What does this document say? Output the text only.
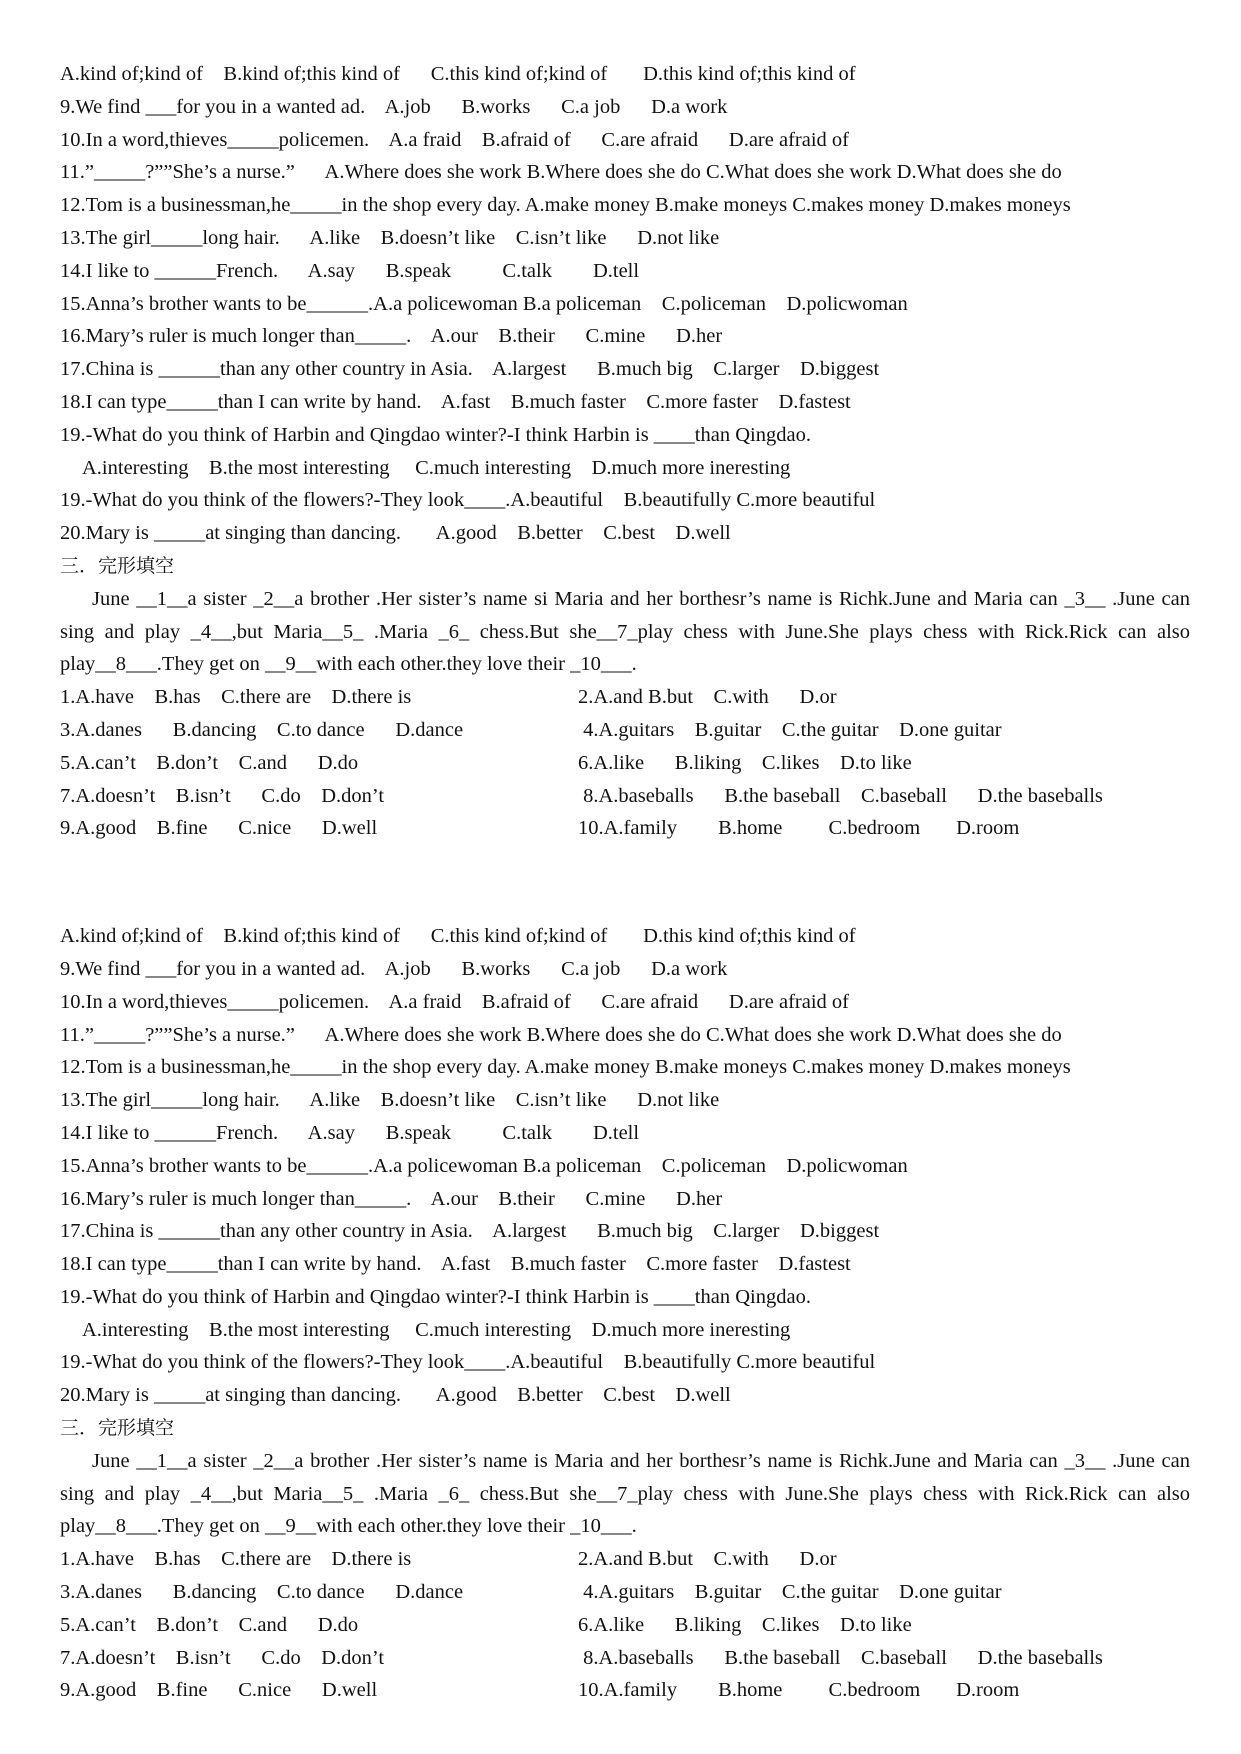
A.kind of;kind of    B.kind of;this kind of      C.this kind of;kind of       D.this kind of;this kind of
9.We find ___for you in a wanted ad.    A.job      B.works      C.a job      D.a work
10.In a word,thieves_____policemen.    A.a fraid    B.afraid of      C.are afraid      D.are afraid of
11.”_____?””She’s a nurse.”      A.Where does she work B.Where does she do C.What does she work D.What does she do
12.Tom is a businessman,he_____in the shop every day. A.make money B.make moneys C.makes money D.makes moneys
13.The girl_____long hair.      A.like    B.doesn’t like    C.isn’t like      D.not like
14.I like to ______French.      A.say      B.speak          C.talk        D.tell
15.Anna’s brother wants to be______.A.a policewoman B.a policeman    C.policeman    D.policwoman
16.Mary’s ruler is much longer than_____.    A.our    B.their      C.mine      D.her
17.China is ______than any other country in Asia.    A.largest      B.much big    C.larger    D.biggest
18.I can type_____than I can write by hand.    A.fast    B.much faster    C.more faster    D.fastest
19.-What do you think of Harbin and Qingdao winter?-I think Harbin is ____than Qingdao.
A.interesting    B.the most interesting     C.much interesting    D.much more inеresting
19.-What do you think of the flowers?-They look____.A.beautiful    B.beautifully C.more beautiful
20.Mary is _____at singing than dancing.       A.good    B.better    C.best    D.well
三．完形填空
June __1__a sister _2__a brother .Her sister’s name si Maria and her borthesr’s name is Richk.June and Maria can _3__ .June can sing and play _4__,but Maria__5_ .Maria _6_ chess.But she__7_play chess with June.She plays chess with Rick.Rick can also play__8___.They get on __9__with each other.they love their _10___.
1.A.have    B.has    C.there are    D.there is	2.A.and B.but    C.with      D.or
3.A.danes      B.dancing    C.to dance      D.dance	4.A.guitars    B.guitar    C.the guitar    D.one guitar
5.A.can’t    B.don’t    C.and      D.do	6.A.like      B.liking    C.likes    D.to like
7.A.doesn’t    B.isn’t      C.do    D.don’t	8.A.baseballs      B.the baseball    C.baseball      D.the baseballs
9.A.good    B.fine      C.nice      D.well	10.A.family        B.home         C.bedroom       D.room
A.kind of;kind of    B.kind of;this kind of      C.this kind of;kind of       D.this kind of;this kind of
9.We find ___for you in a wanted ad.    A.job      B.works      C.a job      D.a work
10.In a word,thieves_____policemen.    A.a fraid    B.afraid of      C.are afraid      D.are afraid of
11.”_____?””She’s a nurse.”      A.Where does she work B.Where does she do C.What does she work D.What does she do
12.Tom is a businessman,he_____in the shop every day. A.make money B.make moneys C.makes money D.makes moneys
13.The girl_____long hair.      A.like    B.doesn’t like    C.isn’t like      D.not like
14.I like to ______French.      A.say      B.speak          C.talk        D.tell
15.Anna’s brother wants to be______.A.a policewoman B.a policeman    C.policeman    D.policwoman
16.Mary’s ruler is much longer than_____.    A.our    B.their      C.mine      D.her
17.China is ______than any other country in Asia.    A.largest      B.much big    C.larger    D.biggest
18.I can type_____than I can write by hand.    A.fast    B.much faster    C.more faster    D.fastest
19.-What do you think of Harbin and Qingdao winter?-I think Harbin is ____than Qingdao.
A.interesting    B.the most interesting     C.much interesting    D.much more inеresting
19.-What do you think of the flowers?-They look____.A.beautiful    B.beautifully C.more beautiful
20.Mary is _____at singing than dancing.       A.good    B.better    C.best    D.well
三．完形填空
June __1__a sister _2__a brother .Her sister’s name is Maria and her borthesr’s name is Richk.June and Maria can _3__ .June can sing and play _4__,but Maria__5_ .Maria _6_ chess.But she__7_play chess with June.She plays chess with Rick.Rick can also play__8___.They get on __9__with each other.they love their _10___.
1.A.have    B.has    C.there are    D.there is	2.A.and B.but    C.with      D.or
3.A.danes      B.dancing    C.to dance      D.dance	4.A.guitars    B.guitar    C.the guitar    D.one guitar
5.A.can’t    B.don’t    C.and      D.do	6.A.like      B.liking    C.likes    D.to like
7.A.doesn’t    B.isn’t      C.do    D.don’t	8.A.baseballs      B.the baseball    C.baseball      D.the baseballs
9.A.good    B.fine      C.nice      D.well	10.A.family        B.home         C.bedroom       D.room
